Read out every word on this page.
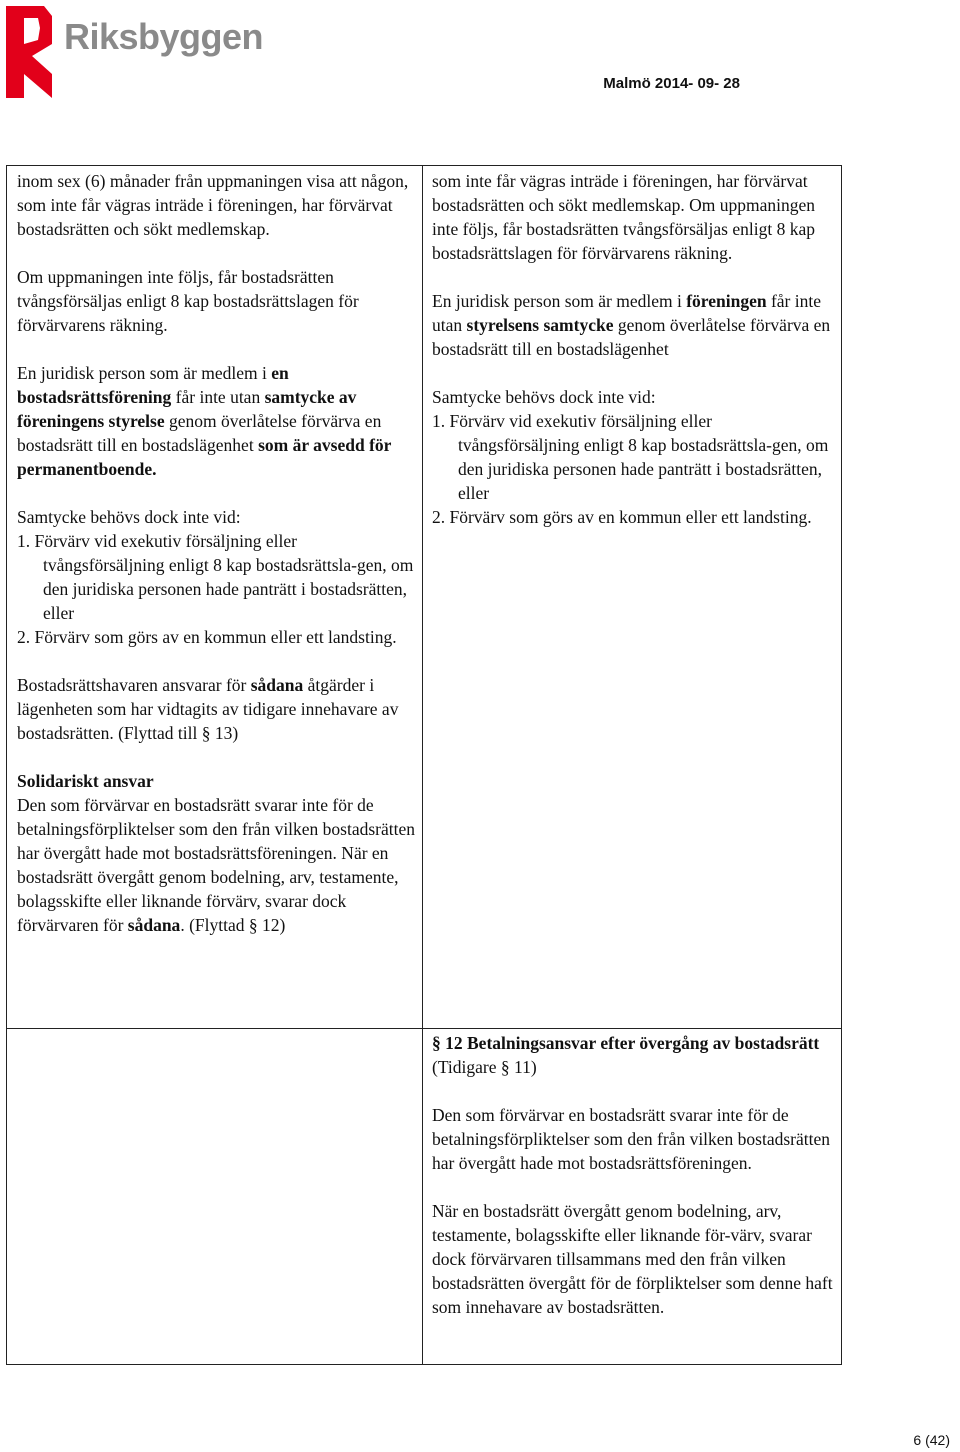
Riksbyggen
Malmö 2014- 09- 28

inom sex (6) månader från uppmaningen visa att någon, som inte får vägras inträde i föreningen, har förvärvat bostadsrätten och sökt medlemskap.

Om uppmaningen inte följs, får bostadsrätten tvångsförsäljas enligt 8 kap bostadsrättslagen för förvärvarens räkning.

En juridisk person som är medlem i en bostadsrättsförening får inte utan samtycke av föreningens styrelse genom överlåtelse förvärva en bostadsrätt till en bostadslägenhet som är avsedd för permanentboende.

Samtycke behövs dock inte vid:

1. Förvärv vid exekutiv försäljning eller tvångsförsäljning enligt 8 kap bostadsrättsla-gen, om den juridiska personen hade panträtt i bostadsrätten, eller

2. Förvärv som görs av en kommun eller ett landsting.

Bostadsrättshavaren ansvarar för sådana åtgärder i lägenheten som har vidtagits av tidigare innehavare av bostadsrätten. (Flyttad till § 13)

Solidariskt ansvar

Den som förvärvar en bostadsrätt svarar inte för de betalningsförpliktelser som den från vilken bostadsrätten har övergått hade mot bostadsrättsföreningen. När en bostadsrätt övergått genom bodelning, arv, testamente, bolagsskifte eller liknande förvärv, svarar dock förvärvaren för sådana. (Flyttad § 12)

som inte får vägras inträde i föreningen, har förvärvat bostadsrätten och sökt medlemskap. Om uppmaningen inte följs, får bostadsrätten tvångsförsäljas enligt 8 kap bostadsrättslagen för förvärvarens räkning.

En juridisk person som är medlem i föreningen får inte utan styrelsens samtycke genom överlåtelse förvärva en bostadsrätt till en bostadslägenhet

Samtycke behövs dock inte vid:

1. Förvärv vid exekutiv försäljning eller tvångsförsäljning enligt 8 kap bostadsrättsla-gen, om den juridiska personen hade panträtt i bostadsrätten, eller

2. Förvärv som görs av en kommun eller ett landsting.

§ 12 Betalningsansvar efter övergång av bostadsrätt (Tidigare § 11)

Den som förvärvar en bostadsrätt svarar inte för de betalningsförpliktelser som den från vilken bostadsrätten har övergått hade mot bostadsrättsföreningen.

När en bostadsrätt övergått genom bodelning, arv, testamente, bolagsskifte eller liknande för-värv, svarar dock förvärvaren tillsammans med den från vilken bostadsrätten övergått för de förpliktelser som denne haft som innehavare av bostadsrätten.

6 (42)
